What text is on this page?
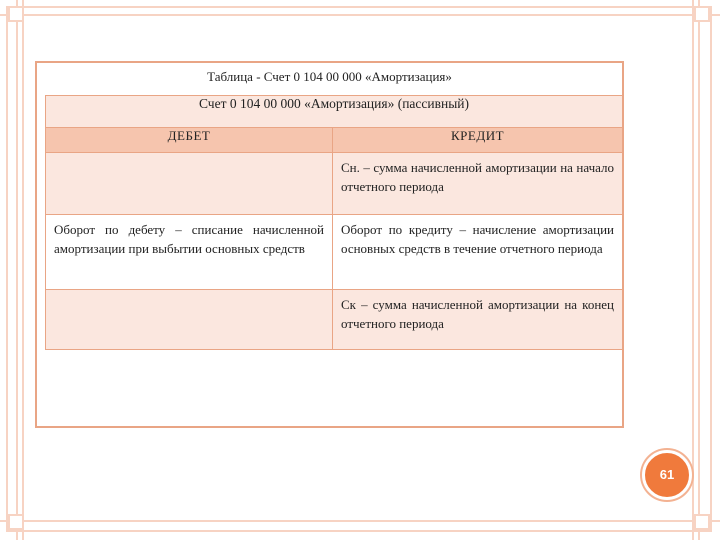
Таблица - Счет 0 104 00 000 «Амортизация»
Счет 0 104 00 000 «Амортизация» (пассивный)	
ДЕБЕТ	КРЕДИТ

	Сн. – сумма начисленной амортизации на начало отчетного периода

Оборот по дебету – списание начисленной амортизации при выбытии основных средств	Оборот по кредиту – начисление амортизации основных средств в течение отчетного периода

	Ск – сумма начисленной амортизации на конец отчетного периода
61
